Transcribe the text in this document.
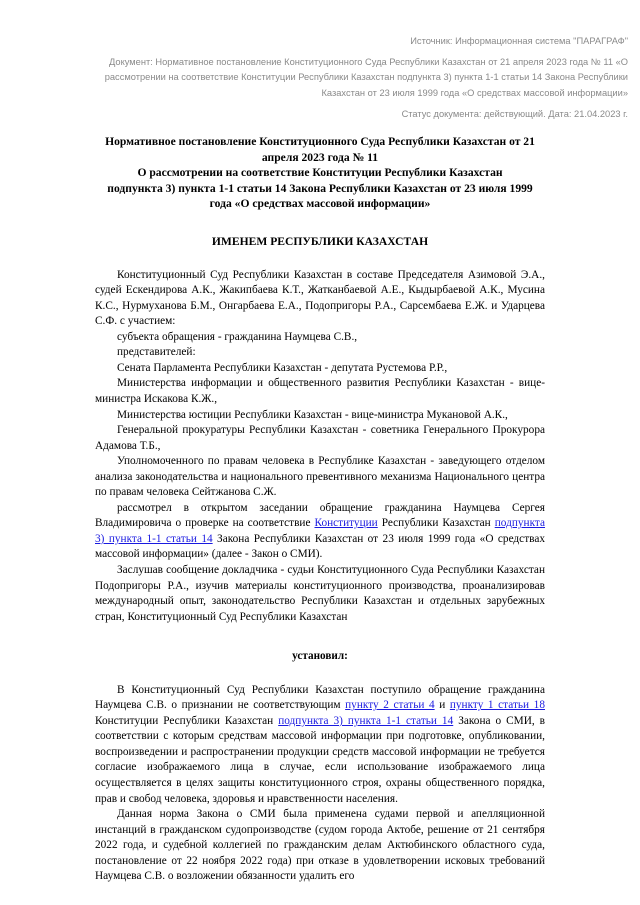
Источник: Информационная система "ПАРАГРАФ"
Документ: Нормативное постановление Конституционного Суда Республики Казахстан от 21 апреля 2023 года № 11 «О рассмотрении на соответствие Конституции Республики Казахстан подпункта 3) пункта 1-1 статьи 14 Закона Республики Казахстан от 23 июля 1999 года «О средствах массовой информации»
Статус документа: действующий. Дата: 21.04.2023 г.
Нормативное постановление Конституционного Суда Республики Казахстан от 21
апреля 2023 года № 11
О рассмотрении на соответствие Конституции Республики Казахстан
подпункта 3) пункта 1-1 статьи 14 Закона Республики Казахстан от 23 июля 1999
года «О средствах массовой информации»
ИМЕНЕМ РЕСПУБЛИКИ КАЗАХСТАН

Конституционный Суд Республики Казахстан в составе Председателя Азимовой Э.А., судей Ескендирова А.К., Жакипбаева К.Т., Жатканбаевой А.Е., Кыдырбаевой А.К., Мусина К.С., Нурмуханова Б.М., Онгарбаева Е.А., Подопригоры Р.А., Сарсембаева Е.Ж. и Ударцева С.Ф. с участием:

субъекта обращения - гражданина Наумцева С.В.,

представителей:

Сената Парламента Республики Казахстан - депутата Рустемова Р.Р.,

Министерства информации и общественного развития Республики Казахстан - вице-министра Искакова К.Ж.,

Министерства юстиции Республики Казахстан - вице-министра Мукановой А.К.,

Генеральной прокуратуры Республики Казахстан - советника Генерального Прокурора Адамова Т.Б.,

Уполномоченного по правам человека в Республике Казахстан - заведующего отделом анализа законодательства и национального превентивного механизма Национального центра по правам человека Сейтжанова С.Ж.

рассмотрел в открытом заседании обращение гражданина Наумцева Сергея Владимировича о проверке на соответствие Конституции Республики Казахстан подпункта 3) пункта 1-1 статьи 14 Закона Республики Казахстан от 23 июля 1999 года «О средствах массовой информации» (далее - Закон о СМИ).

Заслушав сообщение докладчика - судьи Конституционного Суда Республики Казахстан Подопригоры Р.А., изучив материалы конституционного производства, проанализировав международный опыт, законодательство Республики Казахстан и отдельных зарубежных стран, Конституционный Суд Республики Казахстан

установил:

В Конституционный Суд Республики Казахстан поступило обращение гражданина Наумцева С.В. о признании не соответствующим пункту 2 статьи 4 и пункту 1 статьи 18 Конституции Республики Казахстан подпункта 3) пункта 1-1 статьи 14 Закона о СМИ, в соответствии с которым средствам массовой информации при подготовке, опубликовании, воспроизведении и распространении продукции средств массовой информации не требуется согласие изображаемого лица в случае, если использование изображаемого лица осуществляется в целях защиты конституционного строя, охраны общественного порядка, прав и свобод человека, здоровья и нравственности населения.

Данная норма Закона о СМИ была применена судами первой и апелляционной инстанций в гражданском судопроизводстве (судом города Актобе, решение от 21 сентября 2022 года, и судебной коллегией по гражданским делам Актюбинского областного суда, постановление от 22 ноября 2022 года) при отказе в удовлетворении исковых требований Наумцева С.В. о возложении обязанности удалить его
